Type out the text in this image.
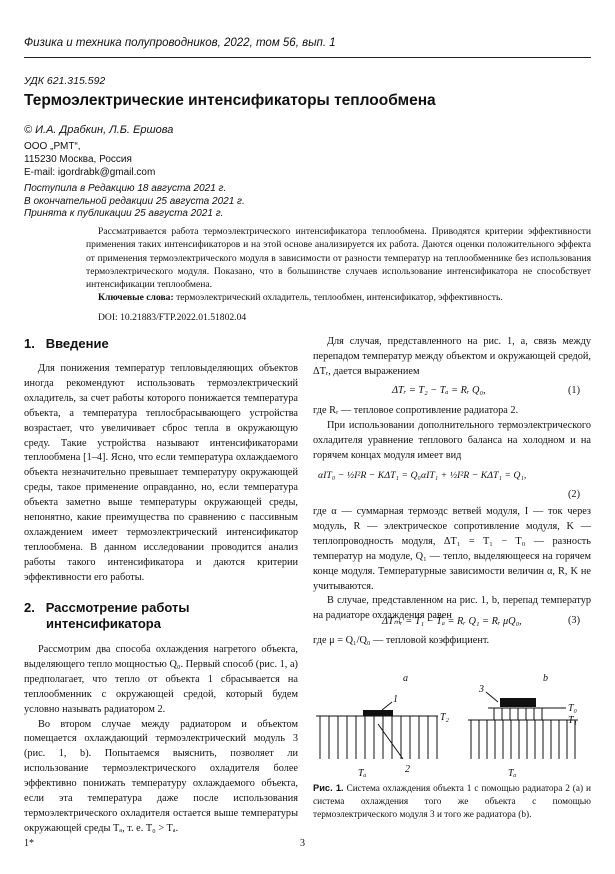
Физика и техника полупроводников, 2022, том 56, вып. 1
УДК 621.315.592
Термоэлектрические интенсификаторы теплообмена
© И.А. Драбкин, Л.Б. Ершова
ООО „РМТ“,
115230 Москва, Россия
E-mail: igordrabk@gmail.com
Поступила в Редакцию 18 августа 2021 г.
В окончательной редакции 25 августа 2021 г.
Принята к публикации 25 августа 2021 г.
Рассматривается работа термоэлектрического интенсификатора теплообмена. Приводятся критерии эффективности применения таких интенсификаторов и на этой основе анализируется их работа. Даются оценки положительного эффекта от применения термоэлектрического модуля в зависимости от разности температур на теплообменнике без использования термоэлектрического модуля. Показано, что в большинстве случаев использование интенсификатора не способствует интенсификации теплообмена.
Ключевые слова: термоэлектрический охладитель, теплообмен, интенсификатор, эффективность.
DOI: 10.21883/FTP.2022.01.51802.04
1. Введение

Для понижения температур тепловыделяющих объектов иногда рекомендуют использовать термоэлектрический охладитель, за счет работы которого понижается температура объекта, а температура теплосбрасывающего устройства возрастает, что увеличивает сброс тепла в окружающую среду. Такие устройства называют интенсификаторами теплообмена [1–4]. Ясно, что если температура охлаждаемого объекта незначительно превышает температуру окружающей среды, такое применение оправданно, но, если температура объекта заметно выше температуры окружающей среды, непонятно, какие преимущества по сравнению с пассивным охлаждением имеет термоэлектрический интенсификатор теплообмена. В данном исследовании проводится анализ работы такого интенсификатора и даются критерии эффективности его работы.

2. Рассмотрение работы
интенсификатора

Рассмотрим два способа охлаждения нагретого объекта, выделяющего тепло мощностью Q₀. Первый способ (рис. 1, a) предполагает, что тепло от объекта 1 сбрасывается на теплообменник с окружающей средой, который будем условно называть радиатором 2.

Во втором случае между радиатором и объектом помещается охлаждающий термоэлектрический модуль 3 (рис. 1, b). Попытаемся выяснить, позволяет ли использование термоэлектрического охладителя более эффективно понижать температуру охлаждаемого объекта, если эта температура даже после использования термоэлектрического охладителя остается выше температуры окружающей среды Tₐ, т. е. T₀ > Tₐ.

Для случая, представленного на рис. 1, a, связь между перепадом температур между объектом и окружающей средой, ΔTᵣ, дается выражением

ΔTᵣ = T₂ − Tₐ = Rᵣ Q₀,	(1)

где Rᵣ — тепловое сопротивление радиатора 2.

При использовании дополнительного термоэлектрического охладителя уравнение теплового баланса на холодном и на горячем концах модуля имеет вид

αIT₀ − ½I²R − KΔT₁ = Q₀αIT₁ + ½I²R − KΔT₁ = Q₁,
(2)

где α — суммарная термоэдс ветвей модуля, I — ток через модуль, R — электрическое сопротивление модуля, K — теплопроводность модуля, ΔT₁ = T₁ − T₀ — разность температур на модуле, Q₁ — тепло, выделяющееся на горячем конце модуля. Температурные зависимости величин α, R, K не учитываются.

В случае, представленном на рис. 1, b, перепад температур на радиаторе охлаждения равен

ΔTₘᵣ = T₁ − Tₐ = Rᵣ Q₁ = Rᵣ μQ₀,	(3)

где μ = Q₁/Q₀ — тепловой коэффициент.

a	b
1
2
3
T₂
T₀
T₁
Tₐ	Tₐ
Рис. 1. Система охлаждения объекта 1 с помощью радиатора 2 (a) и система охлаждения того же объекта с помощью термоэлектрического модуля 3 и того же радиатора (b).
1*	3
